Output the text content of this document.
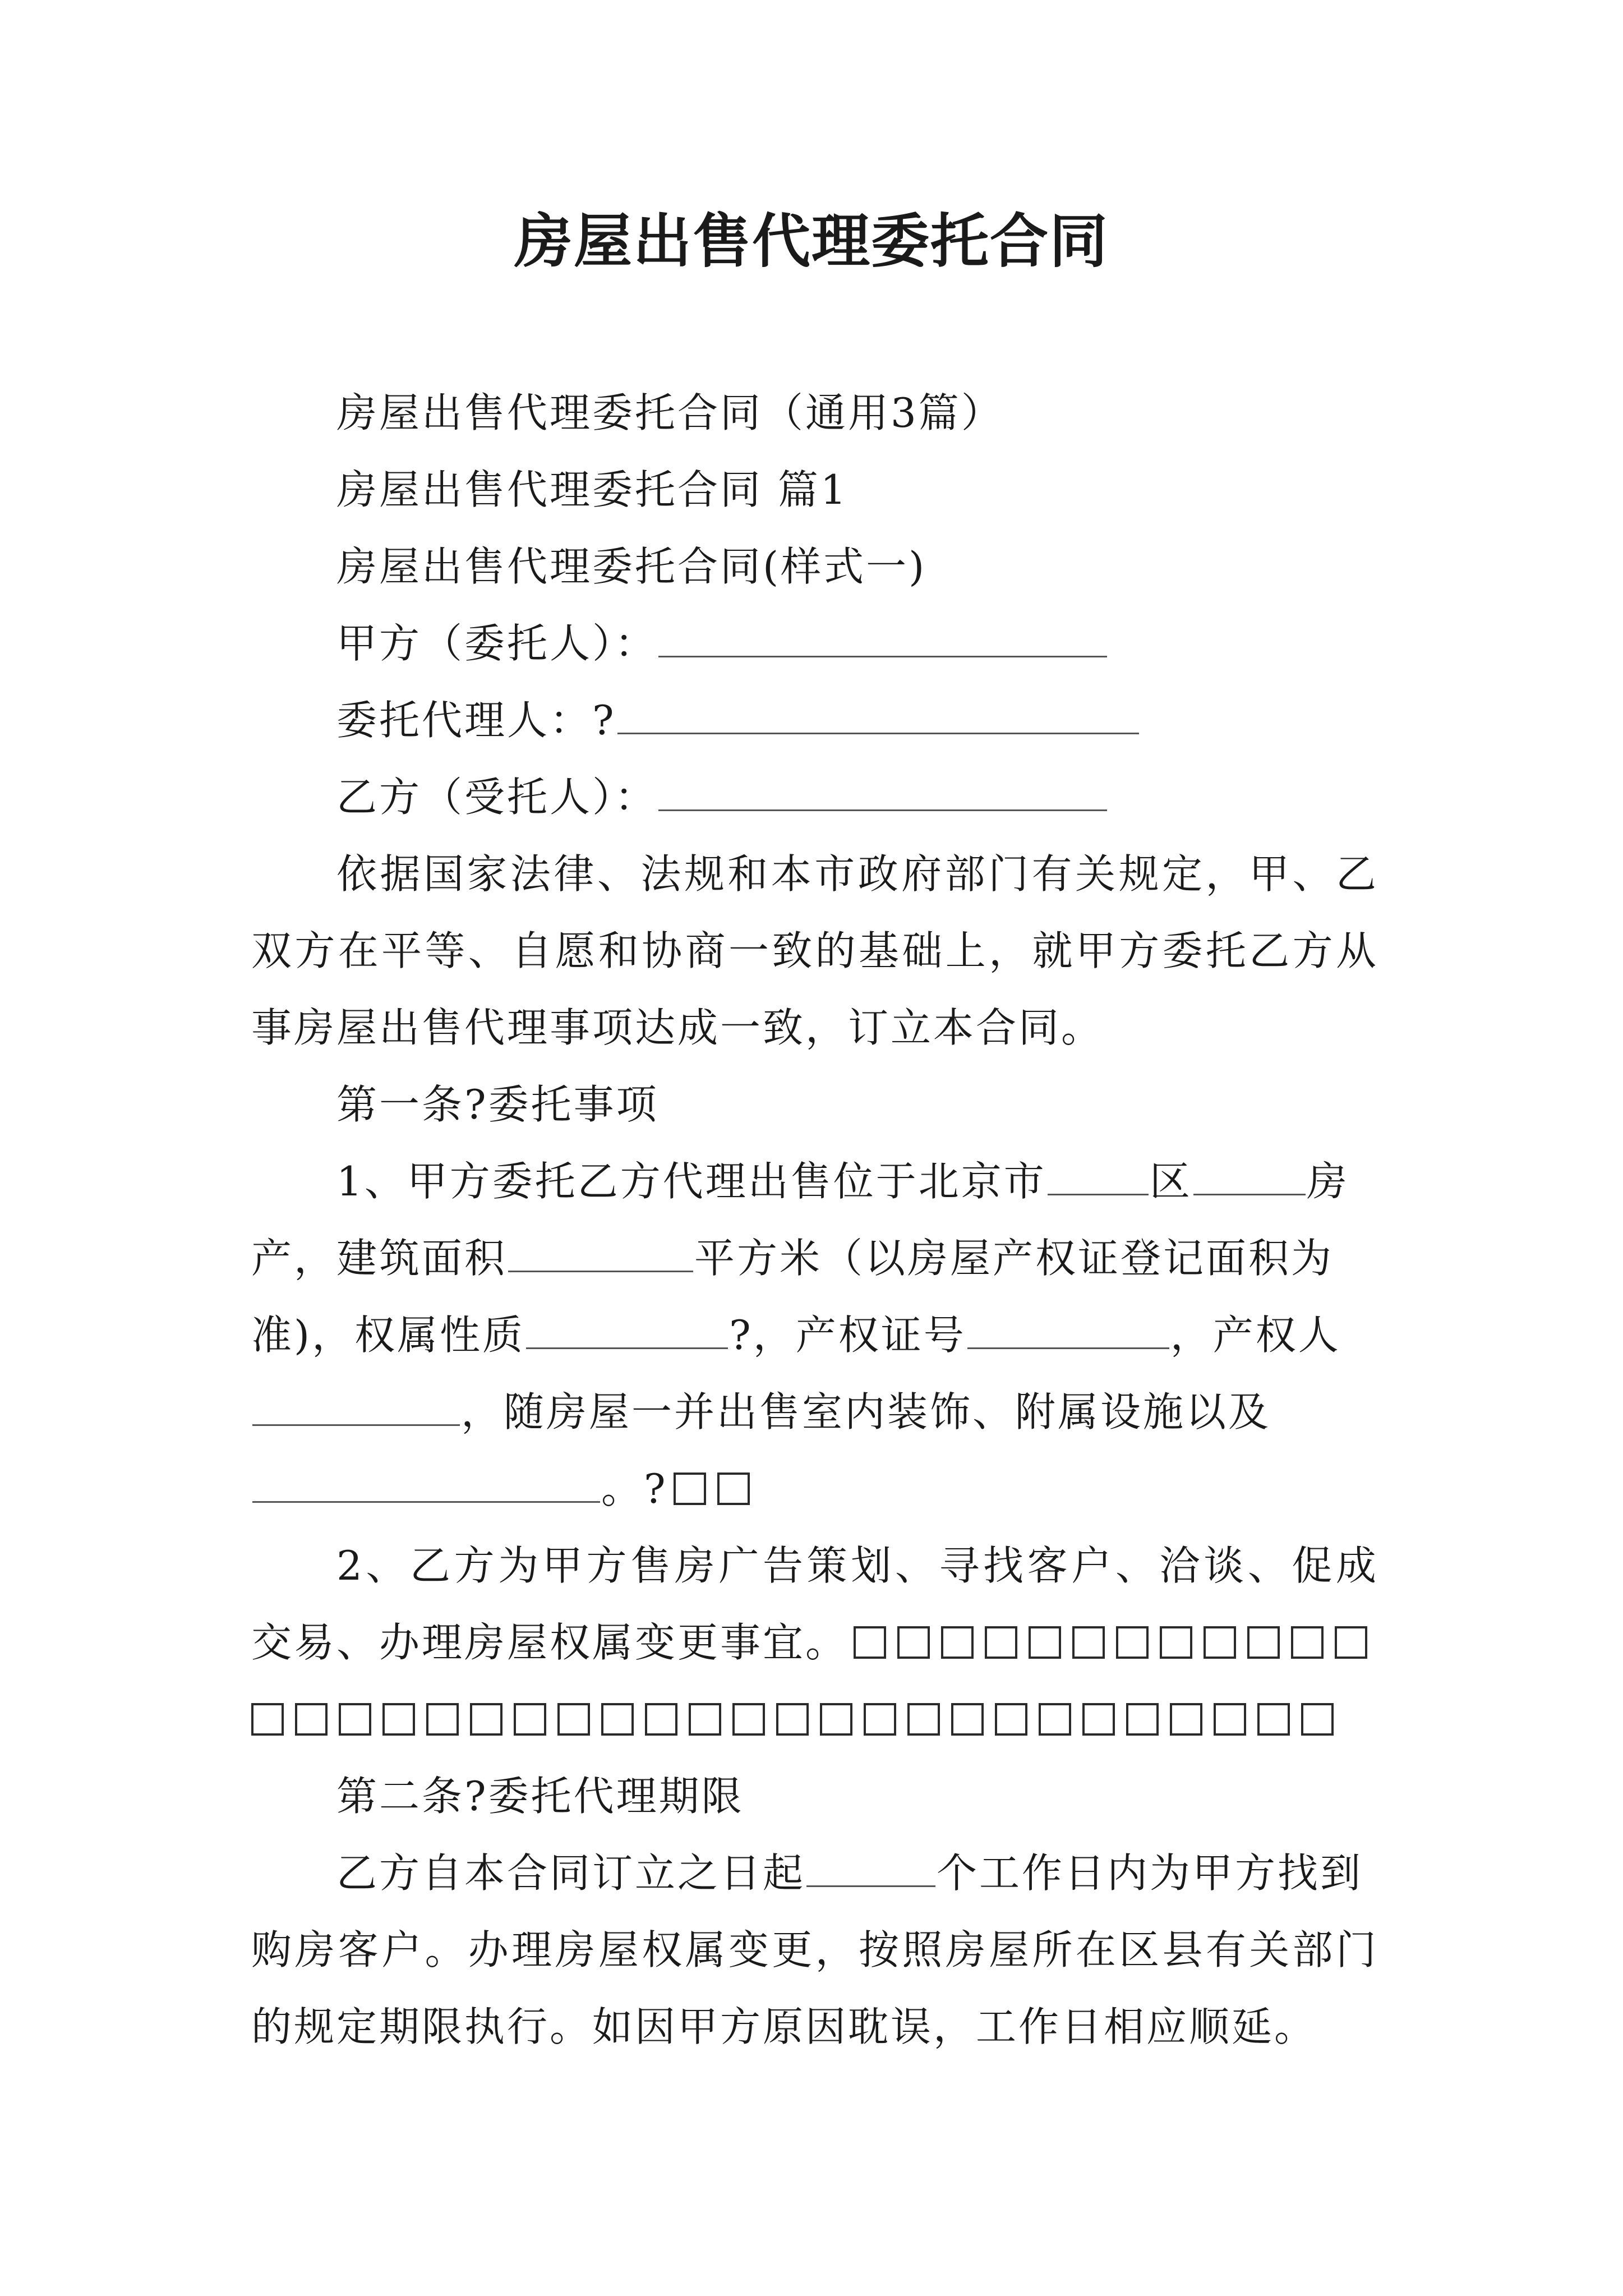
房屋出售代理委托合同
房屋出售代理委托合同（通用3篇）
房屋出售代理委托合同 篇1
房屋出售代理委托合同(样式一)
甲方（委托人）：
委托代理人：?
乙方（受托人）：
依据国家法律、法规和本市政府部门有关规定，甲、乙
双方在平等、自愿和协商一致的基础上，就甲方委托乙方从
事房屋出售代理事项达成一致，订立本合同。
第一条?委托事项
1、甲方委托乙方代理出售位于北京市	区	房
产，建筑面积	平方米（以房屋产权证登记面积为
准)，权属性质	?，产权证号	，产权人
，随房屋一并出售室内装饰、附属设施以及
。?
2、乙方为甲方售房广告策划、寻找客户、洽谈、促成
交易、办理房屋权属变更事宜。
第二条?委托代理期限
乙方自本合同订立之日起	个工作日内为甲方找到
购房客户。办理房屋权属变更，按照房屋所在区县有关部门
的规定期限执行。如因甲方原因耽误，工作日相应顺延。
